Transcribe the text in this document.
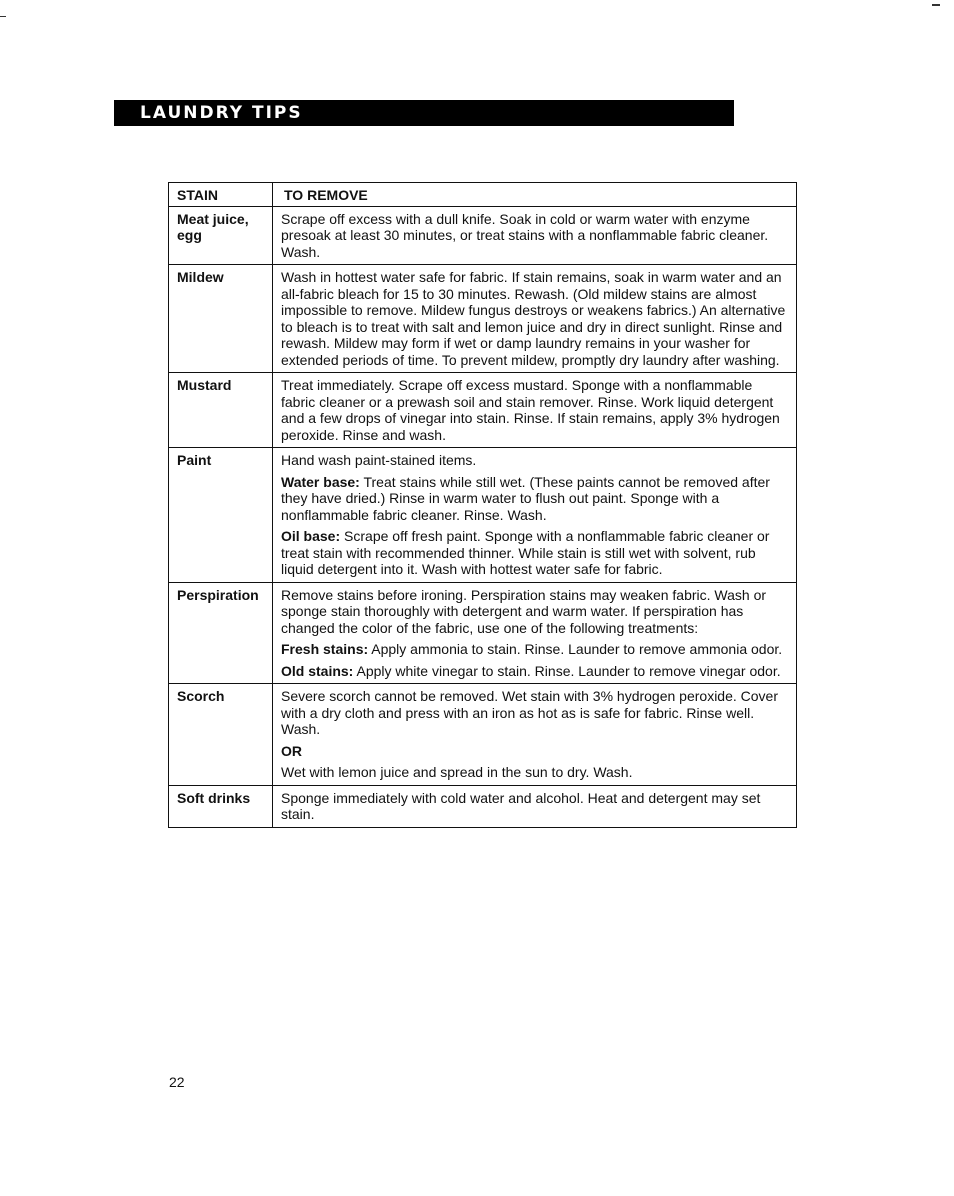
LAUNDRY TIPS
STAIN	TO REMOVE
Meat juice, egg	Scrape off excess with a dull knife. Soak in cold or warm water with enzyme presoak at least 30 minutes, or treat stains with a nonflammable fabric cleaner. Wash.

Mildew	Wash in hottest water safe for fabric. If stain remains, soak in warm water and an all-fabric bleach for 15 to 30 minutes. Rewash. (Old mildew stains are almost impossible to remove. Mildew fungus destroys or weakens fabrics.) An alternative to bleach is to treat with salt and lemon juice and dry in direct sunlight. Rinse and rewash. Mildew may form if wet or damp laundry remains in your washer for extended periods of time. To prevent mildew, promptly dry laundry after washing.

Mustard	Treat immediately. Scrape off excess mustard. Sponge with a nonflammable fabric cleaner or a prewash soil and stain remover. Rinse. Work liquid detergent and a few drops of vinegar into stain. Rinse. If stain remains, apply 3% hydrogen peroxide. Rinse and wash.

Paint	Hand wash paint-stained items.
Water base: Treat stains while still wet. (These paints cannot be removed after they have dried.) Rinse in warm water to flush out paint. Sponge with a nonflammable fabric cleaner. Rinse. Wash.
Oil base: Scrape off fresh paint. Sponge with a nonflammable fabric cleaner or treat stain with recommended thinner. While stain is still wet with solvent, rub liquid detergent into it. Wash with hottest water safe for fabric.

Perspiration	Remove stains before ironing. Perspiration stains may weaken fabric. Wash or sponge stain thoroughly with detergent and warm water. If perspiration has changed the color of the fabric, use one of the following treatments:
Fresh stains: Apply ammonia to stain. Rinse. Launder to remove ammonia odor.
Old stains: Apply white vinegar to stain. Rinse. Launder to remove vinegar odor.

Scorch	Severe scorch cannot be removed. Wet stain with 3% hydrogen peroxide. Cover with a dry cloth and press with an iron as hot as is safe for fabric. Rinse well. Wash.
OR
Wet with lemon juice and spread in the sun to dry. Wash.

Soft drinks	Sponge immediately with cold water and alcohol. Heat and detergent may set stain.
22
